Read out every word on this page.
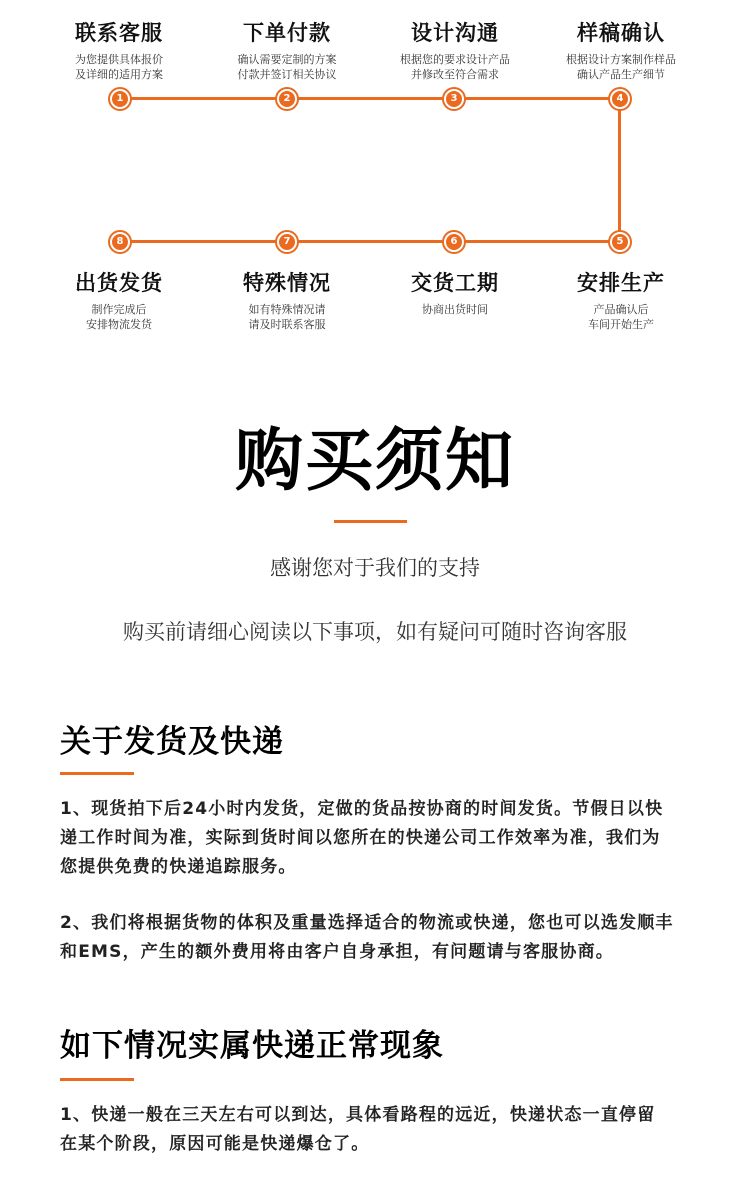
联系客服
为您提供具体报价
及详细的适用方案
1
下单付款
确认需要定制的方案
付款并签订相关协议
2
设计沟通
根据您的要求设计产品
并修改至符合需求
3
样稿确认
根据设计方案制作样品
确认产品生产细节
4
8
出货发货
制作完成后
安排物流发货
7
特殊情况
如有特殊情况请
请及时联系客服
6
交货工期
协商出货时间
5
安排生产
产品确认后
车间开始生产
购买须知
感谢您对于我们的支持
购买前请细心阅读以下事项，如有疑问可随时咨询客服
关于发货及快递
1、现货拍下后24小时内发货，定做的货品按协商的时间发货。节假日以快
递工作时间为准，实际到货时间以您所在的快递公司工作效率为准，我们为
您提供免费的快递追踪服务。
2、我们将根据货物的体积及重量选择适合的物流或快递，您也可以选发顺丰
和EMS，产生的额外费用将由客户自身承担，有问题请与客服协商。
如下情况实属快递正常现象
1、快递一般在三天左右可以到达，具体看路程的远近，快递状态一直停留
在某个阶段，原因可能是快递爆仓了。
